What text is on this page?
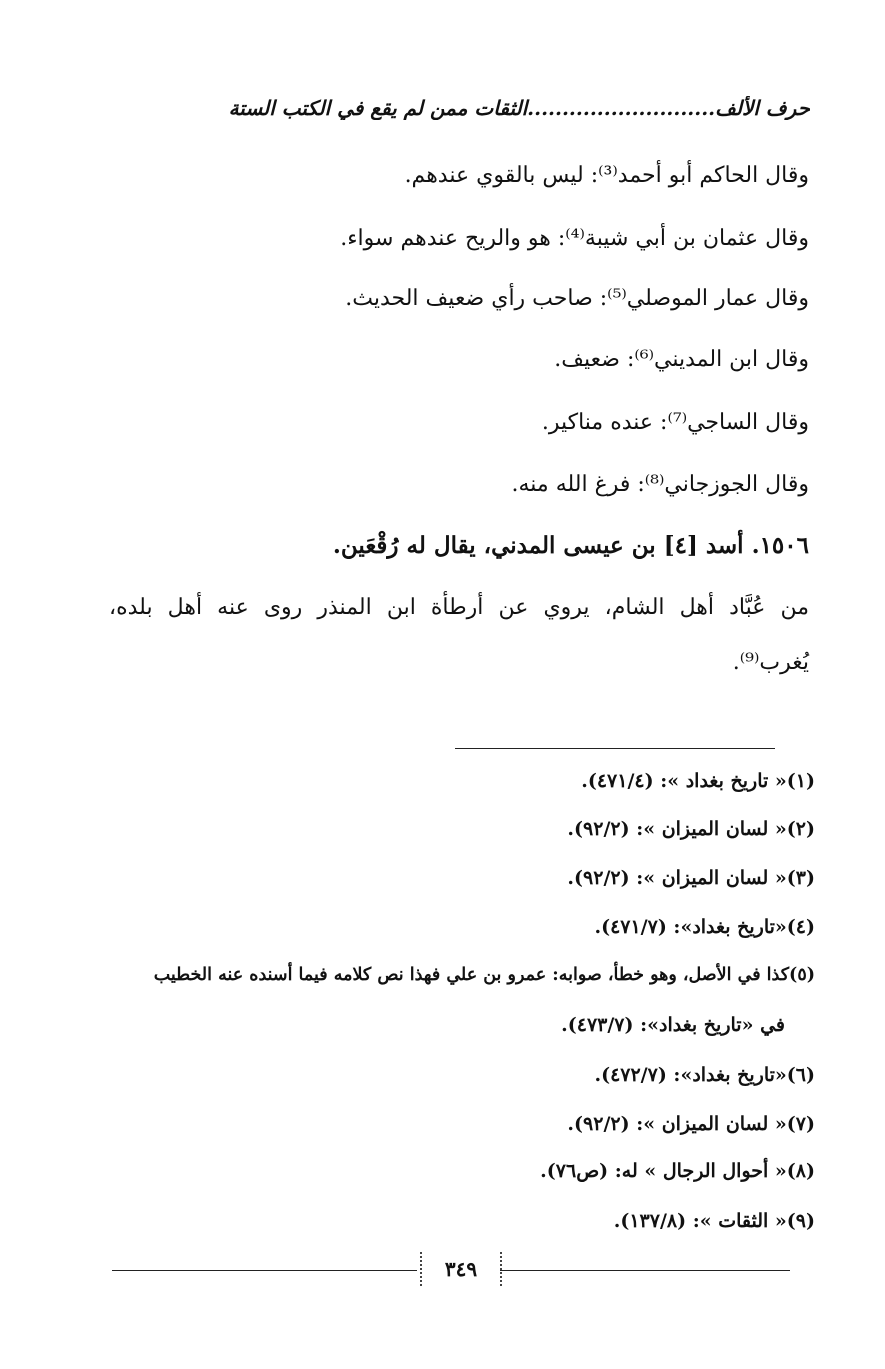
حرف الألف...........................الثقات ممن لم يقع في الكتب الستة
وقال الحاكم أبو أحمد⁽³⁾: ليس بالقوي عندهم.
وقال عثمان بن أبي شيبة⁽⁴⁾: هو والريح عندهم سواء.
وقال عمار الموصلي⁽⁵⁾: صاحب رأي ضعيف الحديث.
وقال ابن المديني⁽⁶⁾: ضعيف.
وقال الساجي⁽⁷⁾: عنده مناكير.
وقال الجوزجاني⁽⁸⁾: فرغ الله منه.
١٥٠٦. أسد [٤] بن عيسى المدني، يقال له رُقْعَين.
من عُبَّاد أهل الشام، يروي عن أرطأة ابن المنذر روى عنه أهل بلده،
يُغرب⁽⁹⁾.
(١)« تاريخ بغداد »: (٤٧١/٤).
(٢)« لسان الميزان »: (٩٢/٢).
(٣)« لسان الميزان »: (٩٢/٢).
(٤)«تاريخ بغداد»: (٤٧١/٧).
(٥)كذا في الأصل، وهو خطأ، صوابه: عمرو بن علي فهذا نص كلامه فيما أسنده عنه الخطيب
في «تاريخ بغداد»: (٤٧٣/٧).
(٦)«تاريخ بغداد»: (٤٧٢/٧).
(٧)« لسان الميزان »: (٩٢/٢).
(٨)« أحوال الرجال » له: (ص٧٦).
(٩)« الثقات »: (١٣٧/٨).
٣٤٩
